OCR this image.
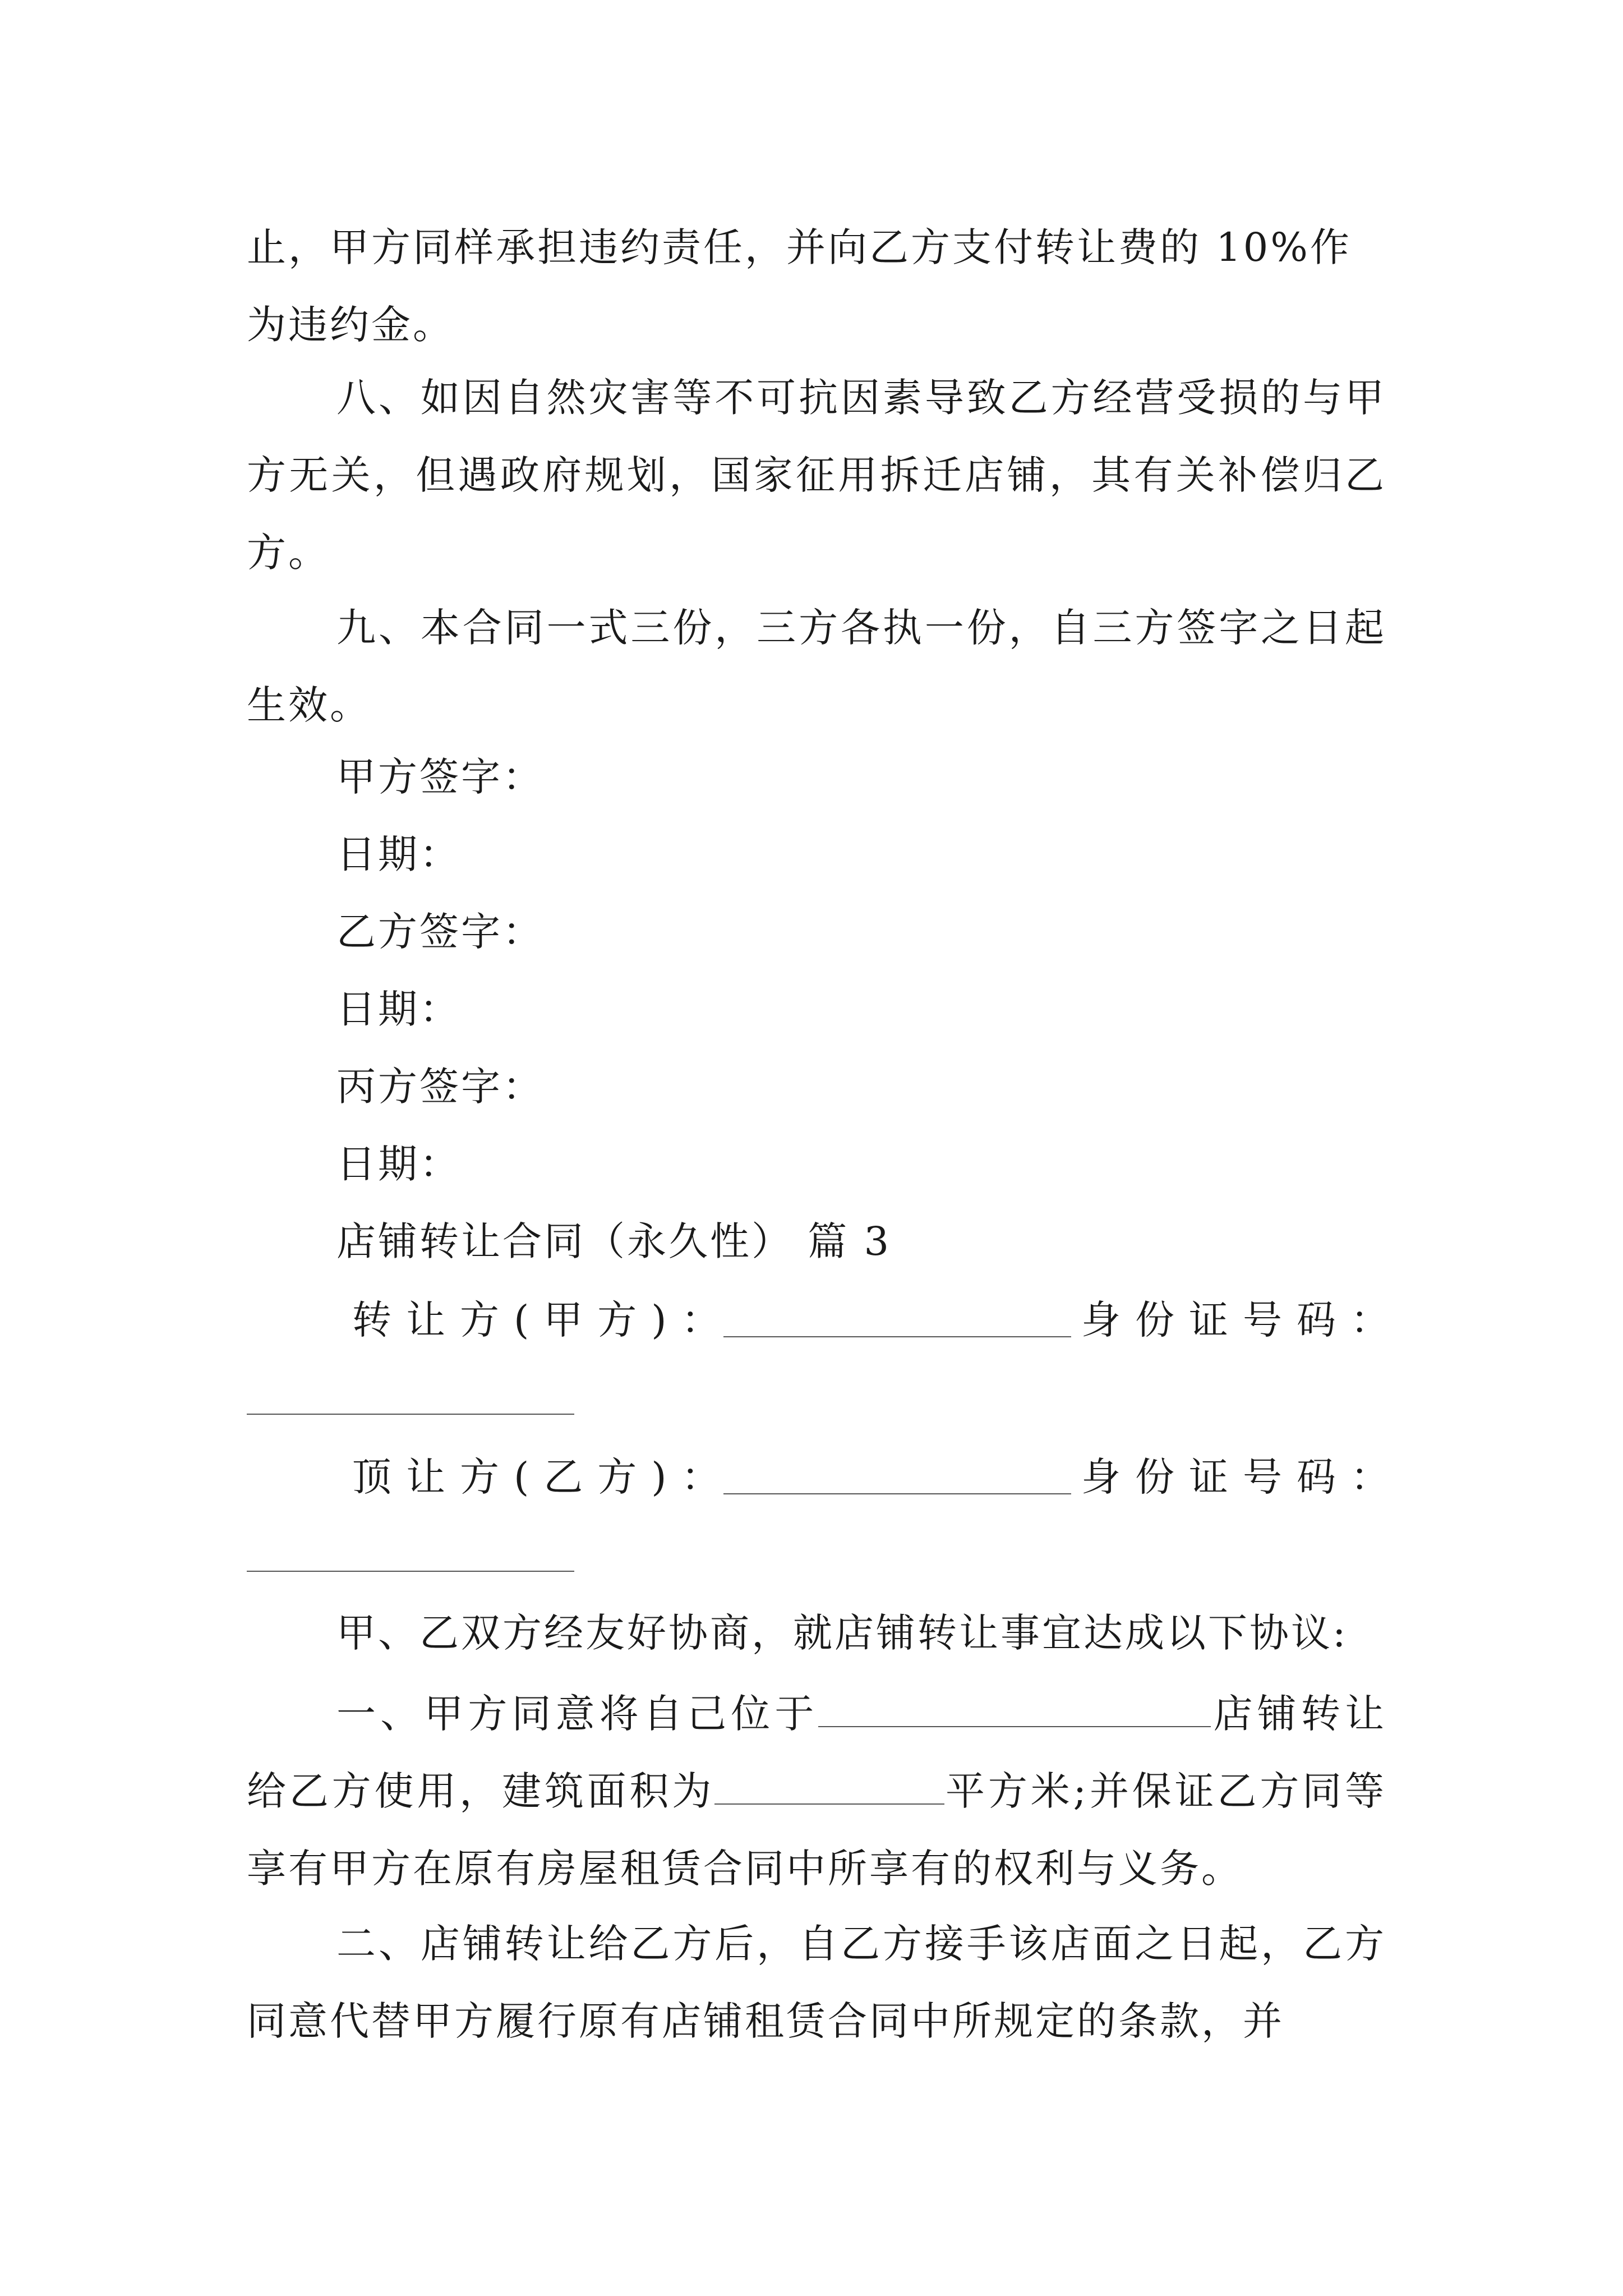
止，甲方同样承担违约责任，并向乙方支付转让费的 10%作

为违约金。

八、如因自然灾害等不可抗因素导致乙方经营受损的与甲方无关，但遇政府规划，国家征用拆迁店铺，其有关补偿归乙方。

九、本合同一式三份，三方各执一份，自三方签字之日起生效。

甲方签字：

日期：

乙方签字：

日期：

丙方签字：

日期：

店铺转让合同（永久性） 篇 3

转让方(甲方)：	身份证号码：

顶让方(乙方)：	身份证号码：

甲、乙双方经友好协商，就店铺转让事宜达成以下协议:

一、甲方同意将自己位于	店铺转让给乙方使用，建筑面积为	平方米;并保证乙方同等享有甲方在原有房屋租赁合同中所享有的权利与义务。

二、店铺转让给乙方后，自乙方接手该店面之日起，乙方同意代替甲方履行原有店铺租赁合同中所规定的条款，并
